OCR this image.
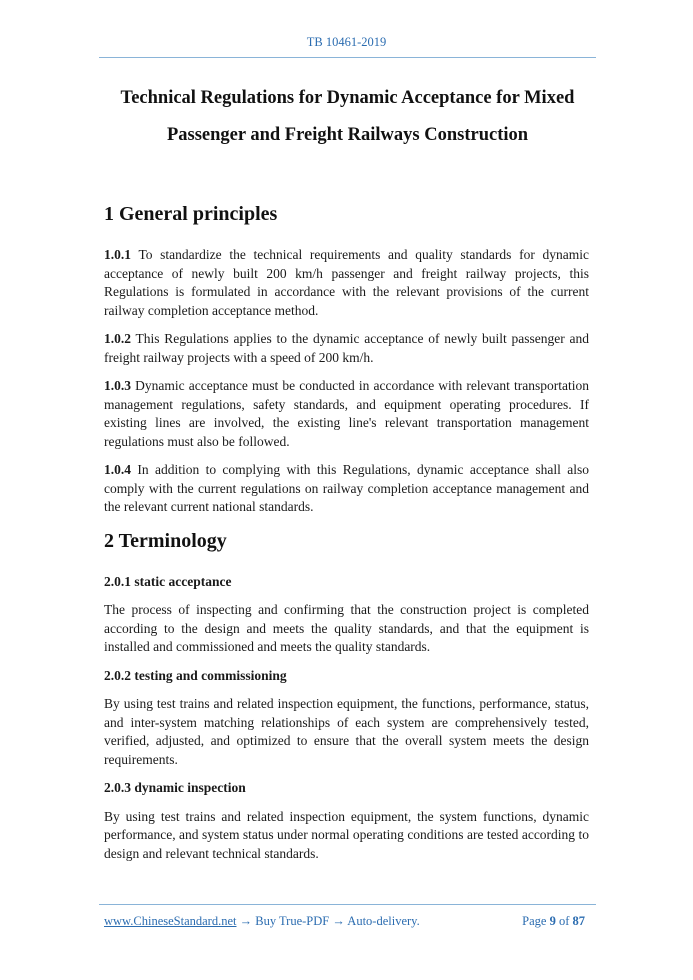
TB 10461-2019
Technical Regulations for Dynamic Acceptance for Mixed
Passenger and Freight Railways Construction
1 General principles

1.0.1 To standardize the technical requirements and quality standards for dynamic acceptance of newly built 200 km/h passenger and freight railway projects, this Regulations is formulated in accordance with the relevant provisions of the current railway completion acceptance method.

1.0.2 This Regulations applies to the dynamic acceptance of newly built passenger and freight railway projects with a speed of 200 km/h.

1.0.3 Dynamic acceptance must be conducted in accordance with relevant transportation management regulations, safety standards, and equipment operating procedures. If existing lines are involved, the existing line's relevant transportation management regulations must also be followed.

1.0.4 In addition to complying with this Regulations, dynamic acceptance shall also comply with the current regulations on railway completion acceptance management and the relevant current national standards.

2 Terminology
2.0.1 static acceptance

The process of inspecting and confirming that the construction project is completed according to the design and meets the quality standards, and that the equipment is installed and commissioned and meets the quality standards.

2.0.2 testing and commissioning

By using test trains and related inspection equipment, the functions, performance, status, and inter-system matching relationships of each system are comprehensively tested, verified, adjusted, and optimized to ensure that the overall system meets the design requirements.

2.0.3 dynamic inspection

By using test trains and related inspection equipment, the system functions, dynamic performance, and system status under normal operating conditions are tested according to design and relevant technical standards.

www.ChineseStandard.net → Buy True-PDF → Auto-delivery.	Page 9 of 87
